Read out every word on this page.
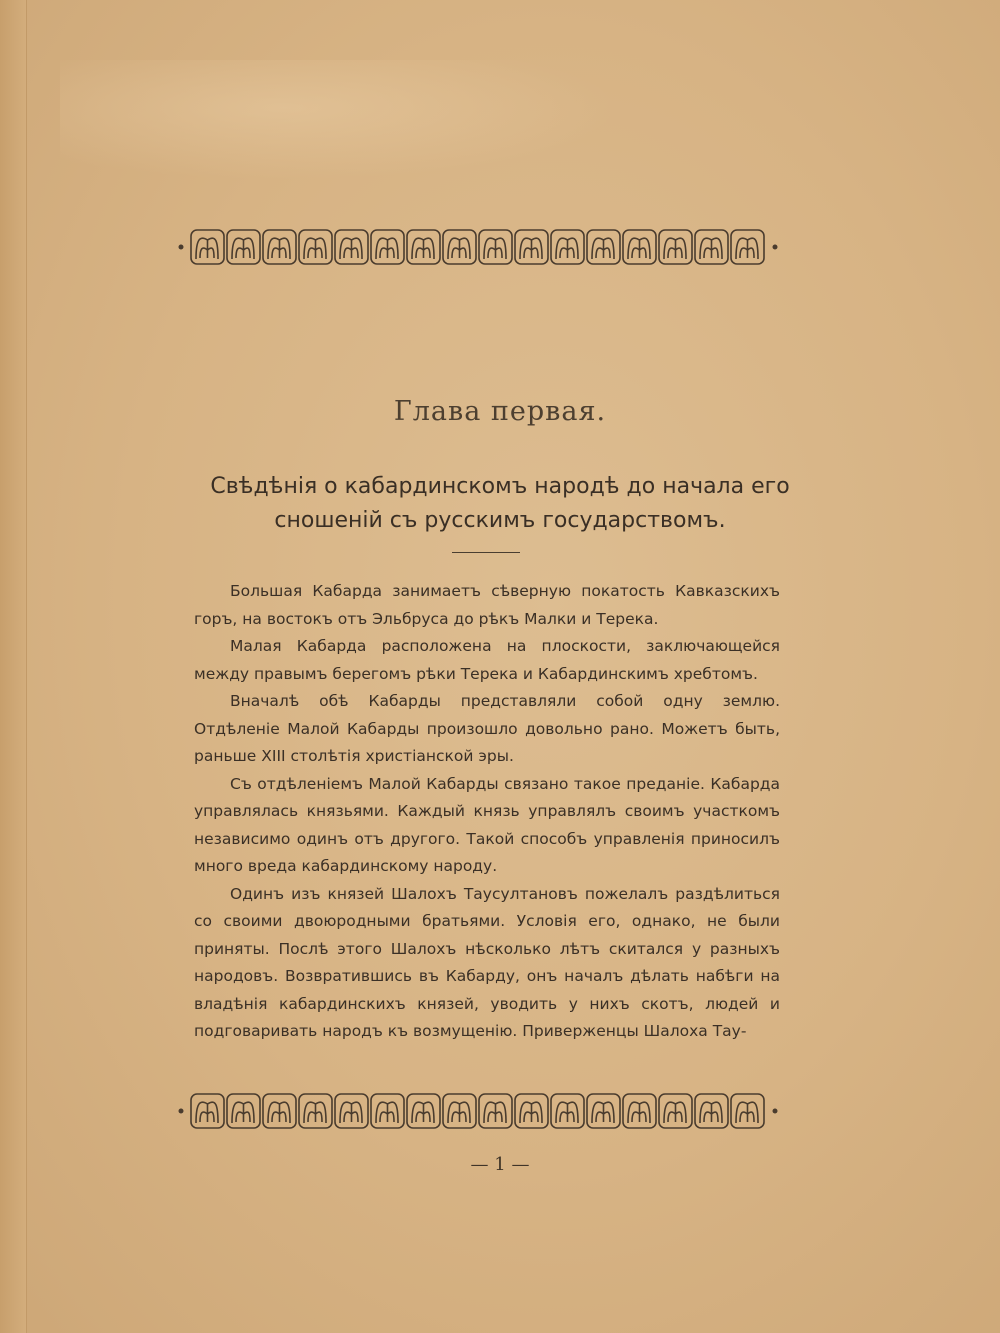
Глава первая.
Свѣдѣнія о кабардинскомъ народѣ до начала его
сношеній съ русскимъ государствомъ.

Большая Кабарда занимаетъ сѣверную покатость Кавказскихъ горъ, на востокъ отъ Эльбруса до рѣкъ Малки и Терека.

Малая Кабарда расположена на плоскости, заключающейся между правымъ берегомъ рѣки Терека и Кабардинскимъ хребтомъ.

Вначалѣ обѣ Кабарды представляли собой одну землю. Отдѣленіе Малой Кабарды произошло довольно рано. Можетъ быть, раньше XIII столѣтія христіанской эры.

Съ отдѣленіемъ Малой Кабарды связано такое преданіе. Кабарда управлялась князьями. Каждый князь управлялъ своимъ участкомъ независимо одинъ отъ другого. Такой способъ управленія приносилъ много вреда кабардинскому народу.

Одинъ изъ князей Шалохъ Таусултановъ пожелалъ раздѣлиться со своими двоюродными братьями. Условія его, однако, не были приняты. Послѣ этого Шалохъ нѣсколько лѣтъ скитался у разныхъ народовъ. Возвратившись въ Кабарду, онъ началъ дѣлать набѣги на владѣнія кабардинскихъ князей, уводить у нихъ скотъ, людей и подговаривать народъ къ возмущенію. Приверженцы Шалоха Тау-

— 1 —
